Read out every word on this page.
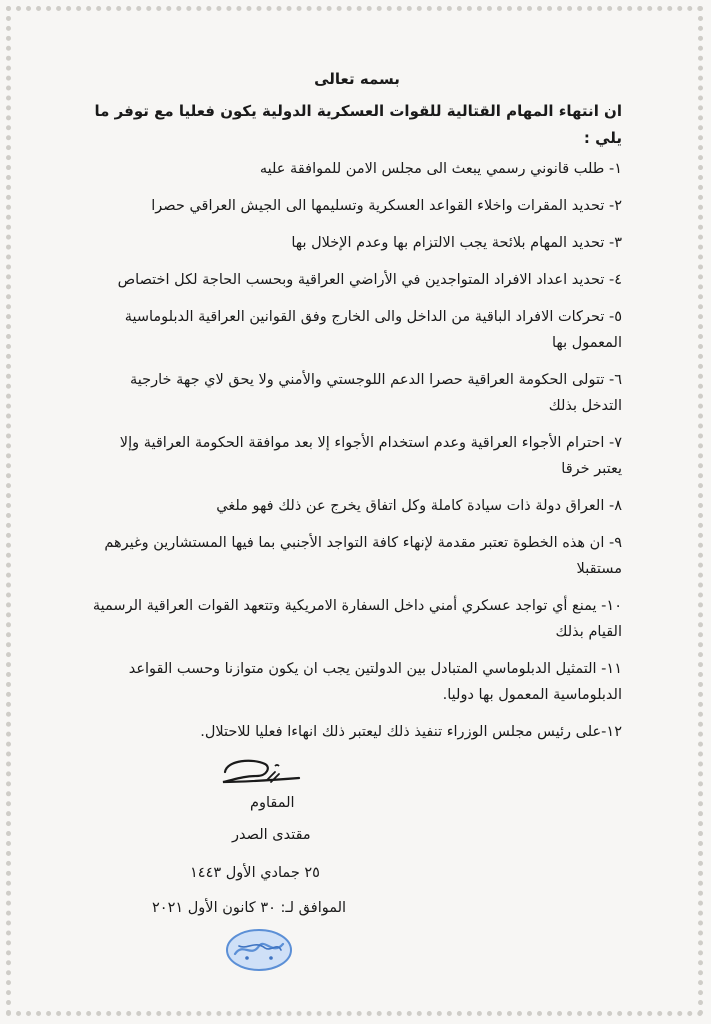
بسمه تعالى
ان انتهاء المهام القتالية للقوات العسكرية الدولية يكون فعليا مع توفر ما يلي :
١- طلب قانوني رسمي يبعث الى مجلس الامن للموافقة عليه
٢- تحديد المقرات واخلاء القواعد العسكرية وتسليمها الى الجيش العراقي حصرا
٣- تحديد المهام بلائحة يجب الالتزام بها وعدم الإخلال بها
٤- تحديد اعداد الافراد المتواجدين في الأراضي العراقية وبحسب الحاجة لكل اختصاص
٥- تحركات الافراد الباقية من الداخل والى الخارج وفق القوانين العراقية الدبلوماسية المعمول بها
٦- تتولى الحكومة العراقية حصرا الدعم اللوجستي والأمني ولا يحق لاي جهة خارجية التدخل بذلك
٧- احترام الأجواء العراقية وعدم استخدام الأجواء إلا بعد موافقة الحكومة العراقية وإلا يعتبر خرقا
٨- العراق دولة ذات سيادة كاملة وكل اتفاق يخرج عن ذلك فهو ملغي
٩- ان هذه الخطوة تعتبر مقدمة لإنهاء كافة التواجد الأجنبي بما فيها المستشارين وغيرهم مستقبلا
١٠- يمنع أي تواجد عسكري أمني داخل السفارة الامريكية وتتعهد القوات العراقية الرسمية القيام بذلك
١١- التمثيل الدبلوماسي المتبادل بين الدولتين يجب ان يكون متوازنا وحسب القواعد الدبلوماسية المعمول بها دوليا.
١٢-على رئيس مجلس الوزراء تنفيذ ذلك ليعتبر ذلك انهاءا فعليا للاحتلال.
المقاوم
مقتدى الصدر
٢٥ جمادي الأول ١٤٤٣
الموافق لـ: ٣٠ كانون الأول ٢٠٢١
